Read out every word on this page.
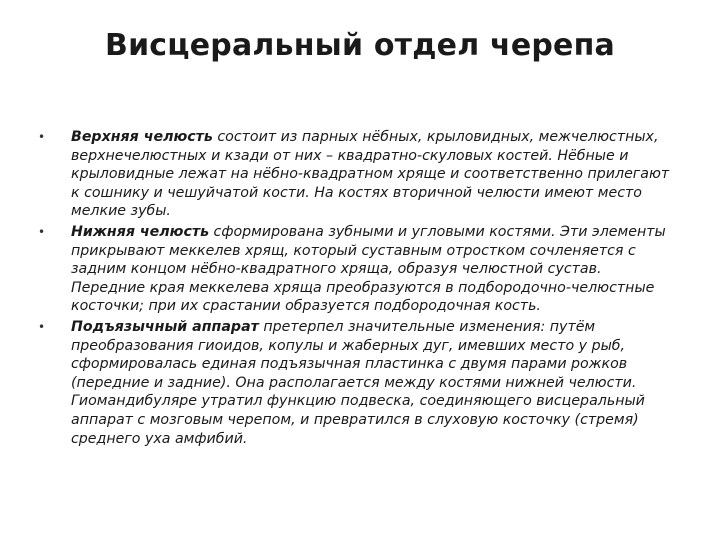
Висцеральный отдел черепа
• Верхняя челюсть состоит из парных нёбных, крыловидных, межчелюстных, верхнечелюстных и кзади от них – квадратно-скуловых костей. Нёбные и крыловидные лежат на нёбно-квадратном хряще и соответственно прилегают к сошнику и чешуйчатой кости. На костях вторичной челюсти имеют место мелкие зубы.
• Нижняя челюсть сформирована зубными и угловыми костями. Эти элементы прикрывают меккелев хрящ, который суставным отростком сочленяется с задним концом нёбно-квадратного хряща, образуя челюстной сустав. Передние края меккелева хряща преобразуются в подбородочно-челюстные косточки; при их срастании образуется подбородочная кость.
• Подъязычный аппарат претерпел значительные изменения: путём преобразования гиоидов, копулы и жаберных дуг, имевших место у рыб, сформировалась единая подъязычная пластинка с двумя парами рожков (передние и задние). Она располагается между костями нижней челюсти. Гиомандибуляре утратил функцию подвеска, соединяющего висцеральный аппарат с мозговым черепом, и превратился в слуховую косточку (стремя) среднего уха амфибий.
